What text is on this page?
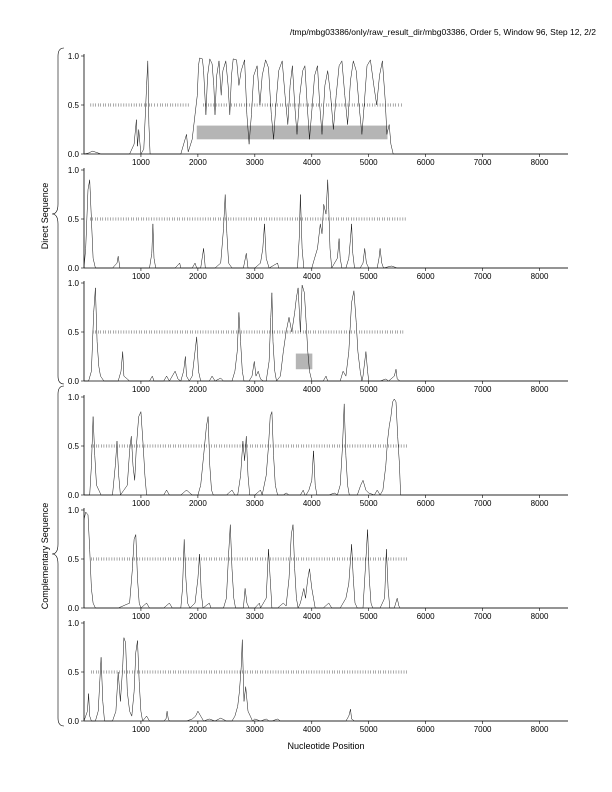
/tmp/mbg03386/only/raw_result_dir/mbg03386, Order 5, Window 96, Step 12, 2/2
0.0
0.5
1.0
1000	2000	3000	4000	5000	6000	7000	8000
0.0
0.5
1.0
1000	2000	3000	4000	5000	6000	7000	8000
0.0
0.5
1.0
1000	2000	3000	4000	5000	6000	7000	8000
0.0
0.5
1.0
1000	2000	3000	4000	5000	6000	7000	8000
0.0
0.5
1.0
1000	2000	3000	4000	5000	6000	7000	8000
0.0
0.5
1.0
1000	2000	3000	4000	5000	6000	7000	8000
Direct Sequence
Complementary Sequence
Nucleotide Position
